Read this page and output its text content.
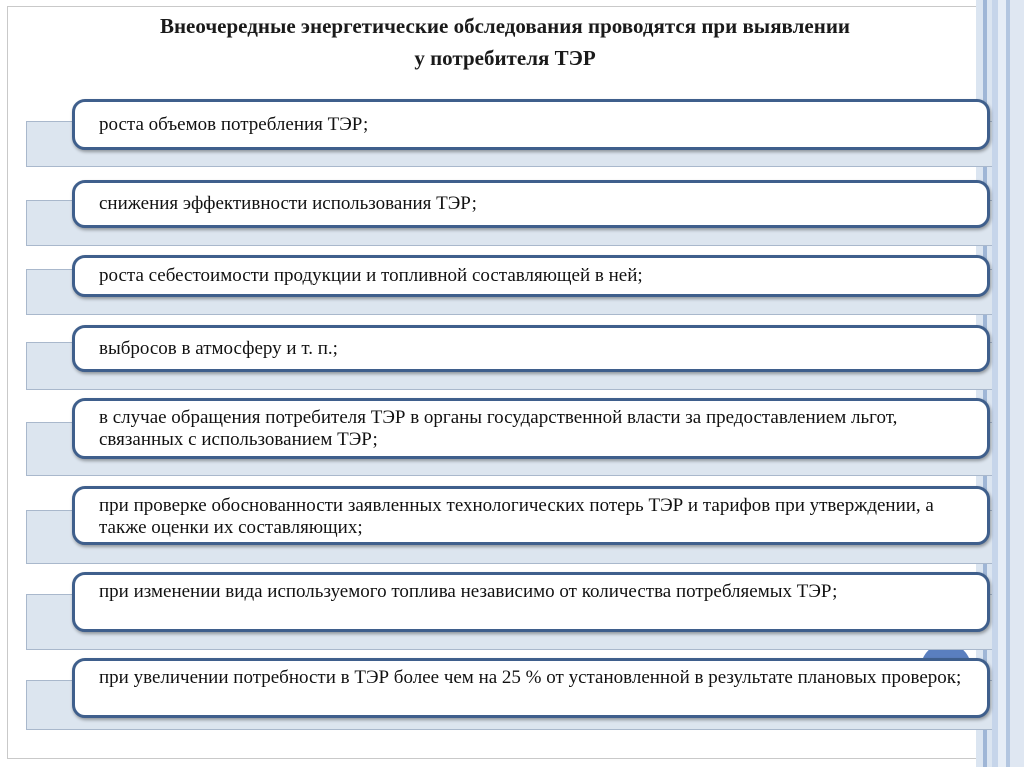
Внеочередные энергетические обследования проводятся при выявлении
у потребителя ТЭР
роста объемов потребления ТЭР;
снижения эффективности использования ТЭР;
роста себестоимости продукции и топливной составляющей в ней;
выбросов в атмосферу и т. п.;
в случае обращения потребителя ТЭР в органы государственной власти за предоставлением льгот, связанных с использованием ТЭР;
при проверке обоснованности заявленных технологических потерь ТЭР и тарифов при утверждении, а также оценки их составляющих;
при изменении вида используемого топлива независимо от количества потребляемых ТЭР;
при увеличении потребности в ТЭР более чем на 25 % от установленной в результате плановых проверок;
